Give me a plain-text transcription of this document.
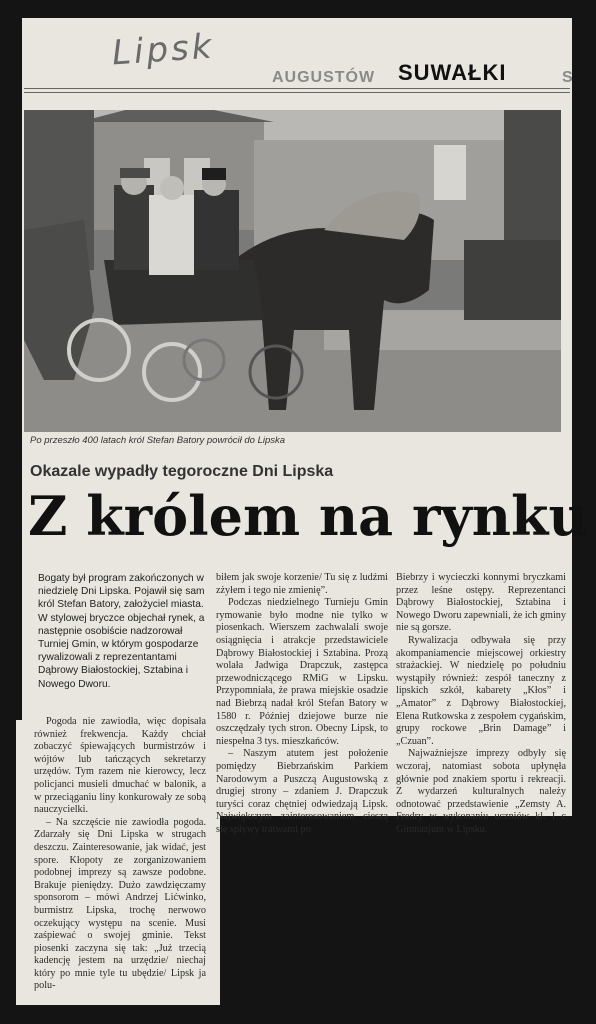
Lipsk
AUGUSTÓW SUWAŁKI	S
Po przeszło 400 latach król Stefan Batory powrócił do Lipska
Okazale wypadły tegoroczne Dni Lipska
Z królem na rynku
Bogaty był program zakończonych w niedzielę Dni Lipska. Pojawił się sam król Stefan Batory, założyciel miasta. W stylowej bryczce objechał rynek, a następnie osobiście nadzorował Turniej Gmin, w którym gospodarze rywalizowali z reprezentantami Dąbrowy Białostockiej, Sztabina i Nowego Dworu.

Pogoda nie zawiodła, więc dopisała również frekwencja. Każdy chciał zobaczyć śpiewających burmistrzów i wójtów lub tańczących sekretarzy urzędów. Tym razem nie kierowcy, lecz policjanci musieli dmuchać w balonik, a w przeciąganiu liny konkurowały ze sobą nauczycielki.

– Na szczęście nie zawiodła pogoda. Zdarzały się Dni Lipska w strugach deszczu. Zainteresowanie, jak widać, jest spore. Kłopoty ze zorganizowaniem podobnej imprezy są zawsze podobne. Brakuje pieniędzy. Dużo zawdzięczamy sponsorom – mówi Andrzej Lićwinko, burmistrz Lipska, trochę nerwowo oczekujący występu na scenie. Musi zaśpiewać o swojej gminie. Tekst piosenki zaczyna się tak: „Już trzecią kadencję jestem na urzędzie/ niechaj który po mnie tyle tu ubędzie/ Lipsk ja polu-

biłem jak swoje korzenie/ Tu się z ludźmi zżyłem i tego nie zmienię”.

Podczas niedzielnego Turnieju Gmin rymowanie było modne nie tylko w piosenkach. Wierszem zachwalali swoje osiągnięcia i atrakcje przedstawiciele Dąbrowy Białostockiej i Sztabina. Prozą wolała Jadwiga Drapczuk, zastępca przewodniczącego RMiG w Lipsku. Przypomniała, że prawa miejskie osadzie nad Biebrzą nadał król Stefan Batory w 1580 r. Później dziejowe burze nie oszczędzały tych stron. Obecny Lipsk, to niespełna 3 tys. mieszkańców.

– Naszym atutem jest położenie pomiędzy Biebrzańskim Parkiem Narodowym a Puszczą Augustowską z drugiej strony – zdaniem J. Drapczuk turyści coraz chętniej odwiedzają Lipsk. Największym zainteresowaniem cieszą się spływy tratwami po

Biebrzy i wycieczki konnymi bryczkami przez leśne ostępy. Reprezentanci Dąbrowy Białostockiej, Sztabina i Nowego Dworu zapewniali, że ich gminy nie są gorsze.

Rywalizacja odbywała się przy akompaniamencie miejscowej orkiestry strażackiej. W niedzielę po południu wystąpiły również: zespół taneczny z lipskich szkół, kabarety „Kłos” i „Amator” z Dąbrowy Białostockiej, Elena Rutkowska z zespołem cygańskim, grupy rockowe „Brin Damage” i „Czuan”.

Najważniejsze imprezy odbyły się wczoraj, natomiast sobota upłynęła głównie pod znakiem sportu i rekreacji. Z wydarzeń kulturalnych należy odnotować przedstawienie „Zemsty A. Fredry w wykonaniu uczniów kl. I c Gimnazjum w Lipsku.
